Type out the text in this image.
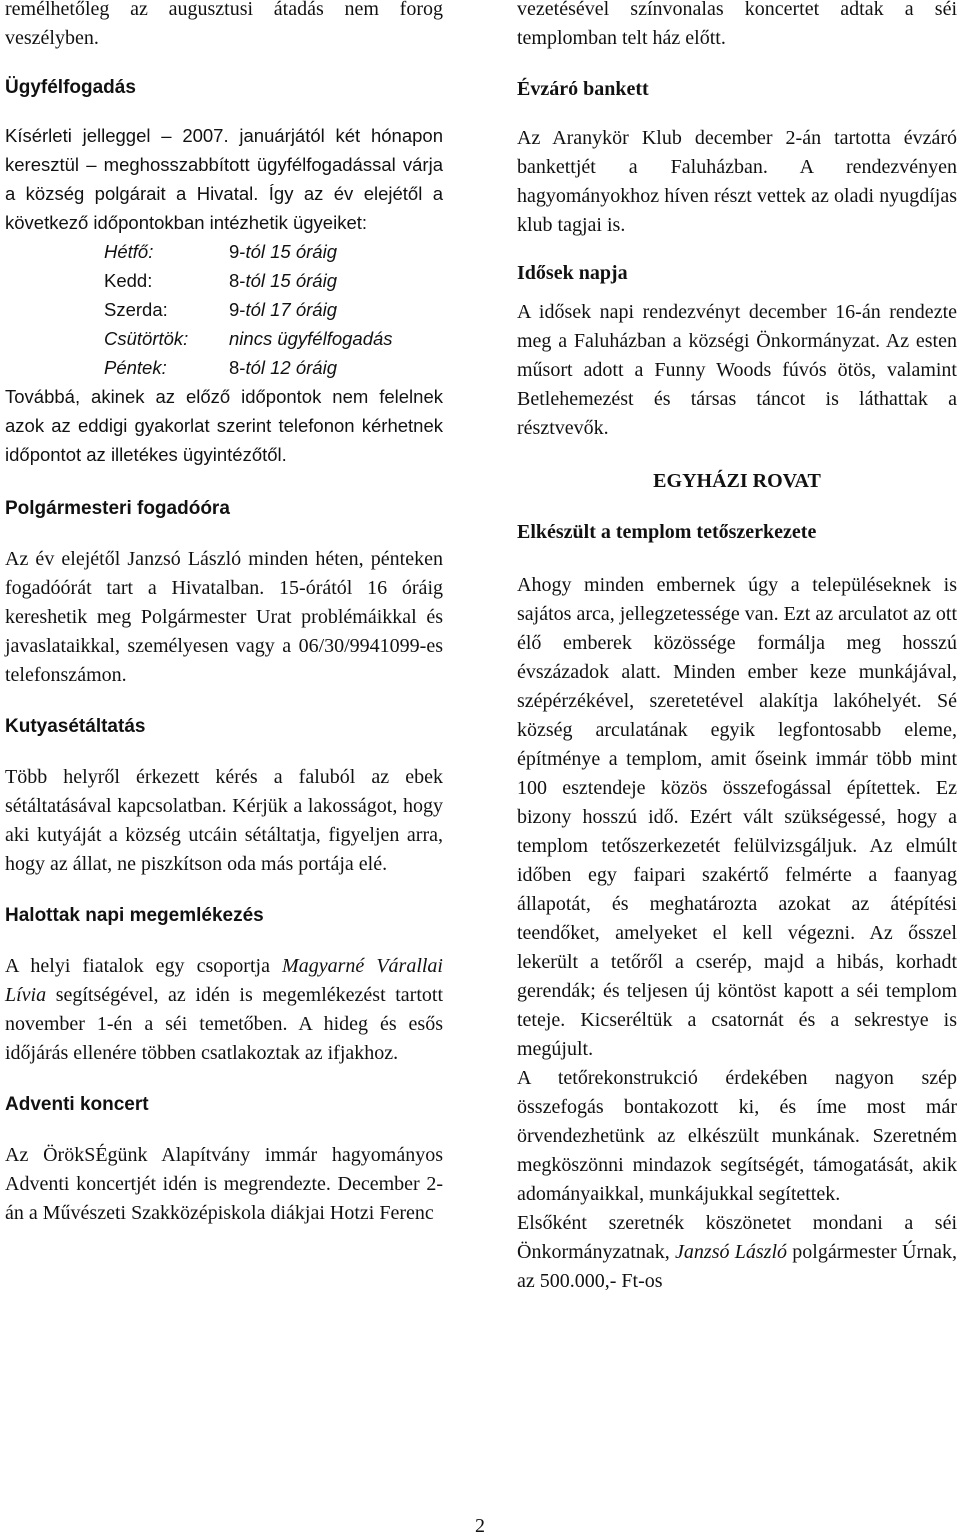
remélhetőleg az augusztusi átadás nem forog veszélyben.

Ügyfélfogadás

Kísérleti jelleggel – 2007. januárjától két hónapon keresztül – meghosszabbított ügyfélfogadással várja a község polgárait a Hivatal. Így az év elejétől a következő időpontokban intézhetik ügyeiket:

Hétfő:	9-tól 15 óráig
Kedd:	8-tól 15 óráig
Szerda:	9-tól 17 óráig
Csütörtök:	nincs ügyfélfogadás
Péntek:	8-tól 12 óráig

Továbbá, akinek az előző időpontok nem felelnek azok az eddigi gyakorlat szerint telefonon kérhetnek időpontot az illetékes ügyintézőtől.

Polgármesteri fogadóóra

Az év elejétől Janzsó László minden héten, pénteken fogadóórát tart a Hivatalban. 15-órától 16 óráig kereshetik meg Polgármester Urat problémáikkal és javaslataikkal, személyesen vagy a 06/30/9941099-es telefonszámon.

Kutyasétáltatás

Több helyről érkezett kérés a faluból az ebek sétáltatásával kapcsolatban. Kérjük a lakosságot, hogy aki kutyáját a község utcáin sétáltatja, figyeljen arra, hogy az állat, ne piszkítson oda más portája elé.

Halottak napi megemlékezés

A helyi fiatalok egy csoportja Magyarné Várallai Lívia segítségével, az idén is megemlékezést tartott november 1-én a séi temetőben. A hideg és esős időjárás ellenére többen csatlakoztak az ifjakhoz.

Adventi koncert

Az ÖrökSÉgünk Alapítvány immár hagyományos Adventi koncertjét idén is megrendezte. December 2-án a Művészeti Szakközépiskola diákjai Hotzi Ferenc

vezetésével színvonalas koncertet adtak a séi templomban telt ház előtt.

Évzáró bankett

Az Aranykör Klub december 2-án tartotta évzáró bankettjét a Faluházban. A rendezvényen hagyományokhoz híven részt vettek az oladi nyugdíjas klub tagjai is.

Idősek napja

A idősek napi rendezvényt december 16-án rendezte meg a Faluházban a községi Önkormányzat. Az esten műsort adott a Funny Woods fúvós ötös, valamint Betlehemezést és társas táncot is láthattak a résztvevők.

EGYHÁZI ROVAT
Elkészült a templom tetőszerkezete

Ahogy minden embernek úgy a településeknek is sajátos arca, jellegzetessége van. Ezt az arculatot az ott élő emberek közössége formálja meg hosszú évszázadok alatt. Minden ember keze munkájával, szépérzékével, szeretetével alakítja lakóhelyét. Sé község arculatának egyik legfontosabb eleme, építménye a templom, amit őseink immár több mint 100 esztendeje közös összefogással építettek. Ez bizony hosszú idő. Ezért vált szükségessé, hogy a templom tetőszerkezetét felülvizsgáljuk. Az elmúlt időben egy faipari szakértő felmérte a faanyag állapotát, és meghatározta azokat az átépítési teendőket, amelyeket el kell végezni. Az ősszel lekerült a tetőről a cserép, majd a hibás, korhadt gerendák; és teljesen új köntöst kapott a séi templom teteje. Kicseréltük a csatornát és a sekrestye is megújult.

A tetőrekonstrukció érdekében nagyon szép összefogás bontakozott ki, és íme most már örvendezhetünk az elkészült munkának. Szeretném megköszönni mindazok segítségét, támogatását, akik adományaikkal, munkájukkal segítettek.

Elsőként szeretnék köszönetet mondani a séi Önkormányzatnak, Janzsó László polgármester Úrnak, az 500.000,- Ft-os

2
